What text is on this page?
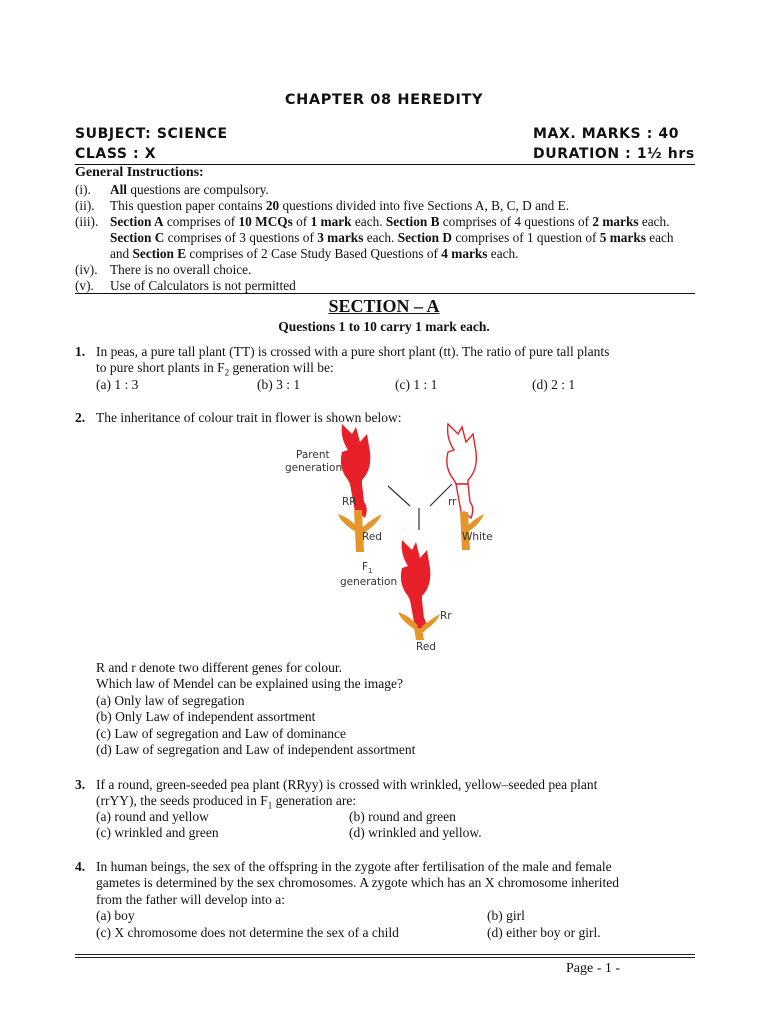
CHAPTER 08 HEREDITY
SUBJECT: SCIENCE	MAX. MARKS : 40
CLASS : X	DURATION : 1½ hrs
General Instructions:
(i).	All questions are compulsory.
(ii).	This question paper contains 20 questions divided into five Sections A, B, C, D and E.
(iii). Section A comprises of 10 MCQs of 1 mark each. Section B comprises of 4 questions of 2 marks each. Section C comprises of 3 questions of 3 marks each. Section D comprises of 1 question of 5 marks each and Section E comprises of 2 Case Study Based Questions of 4 marks each.
(iv). There is no overall choice.
(v).	Use of Calculators is not permitted
SECTION – A
Questions 1 to 10 carry 1 mark each.
1. In peas, a pure tall plant (TT) is crossed with a pure short plant (tt). The ratio of pure tall plants
to pure short plants in $F_2$ generation will be:
(a) 1 : 3	(b) 3 : 1	(c) 1 : 1	(d) 2 : 1
2. The inheritance of colour trait in flower is shown below:
Parent
generation
RR	rr
Red	White
$F_1$
generation
Rr
Red
R and r denote two different genes for colour.
Which law of Mendel can be explained using the image?
(a) Only law of segregation
(b) Only Law of independent assortment
(c) Law of segregation and Law of dominance
(d) Law of segregation and Law of independent assortment
3. If a round, green-seeded pea plant (RRyy) is crossed with wrinkled, yellow–seeded pea plant
(rrYY), the seeds produced in $F_1$ generation are:
(a) round and yellow	(b) round and green
(c) wrinkled and green	(d) wrinkled and yellow.
4. In human beings, the sex of the offspring in the zygote after fertilisation of the male and female
gametes is determined by the sex chromosomes. A zygote which has an X chromosome inherited
from the father will develop into a:
(a) boy	(b) girl
(c) X chromosome does not determine the sex of a child	(d) either boy or girl.
Page - 1 -
